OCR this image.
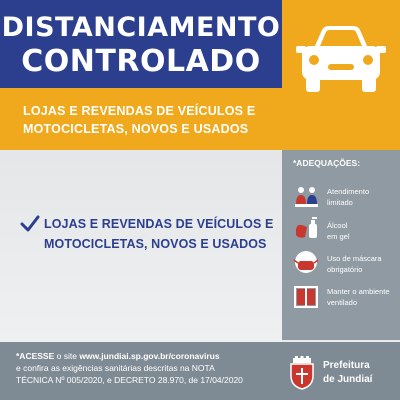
DISTANCIAMENTO
CONTROLADO
LOJAS E REVENDAS DE VEÍCULOS E
MOTOCICLETAS, NOVOS E USADOS
LOJAS E REVENDAS DE VEÍCULOS E
MOTOCICLETAS, NOVOS E USADOS
*ADEQUAÇÕES:
Atendimento
limitado
Álcool
em gel
Uso de máscara
obrigatório
Manter o ambiente
ventilado
*ACESSE o site www.jundiai.sp.gov.br/coronavirus
e confira as exigências sanitárias descritas na NOTA
TÉCNICA Nº 005/2020, e DECRETO 28.970, de 17/04/2020
Prefeitura
de Jundiaí
